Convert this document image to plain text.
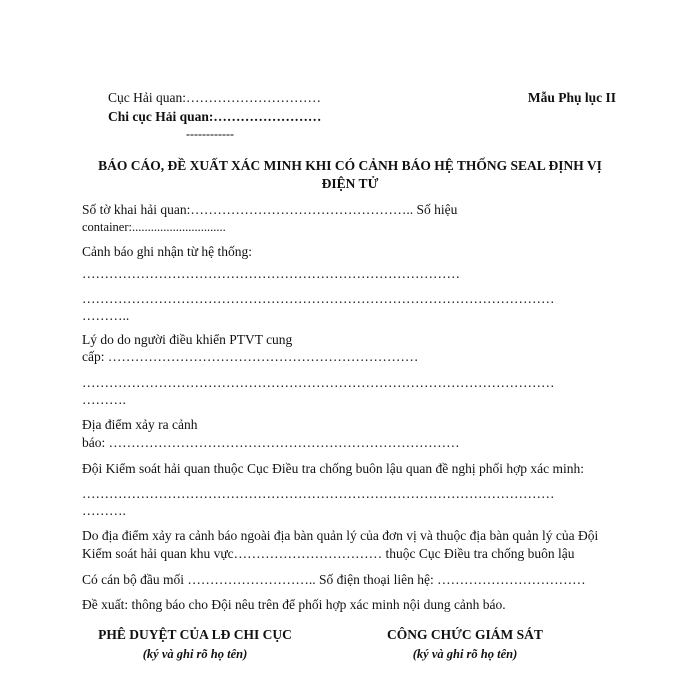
Cục Hải quan:…………………………
Chi cục Hải quan:……………………
------------
Mẫu Phụ lục II
BÁO CÁO, ĐỀ XUẤT XÁC MINH KHI CÓ CẢNH BÁO HỆ THỐNG SEAL ĐỊNH VỊ
ĐIỆN TỬ
Số tờ khai hải quan:………………………………………….. Số hiệu
container:..............................
Cảnh báo ghi nhận từ hệ thống:
…………………………………………………………………………
……………………………………………………………………………………………
………..
Lý do do người điều khiển PTVT cung
cấp: ……………………………………………………………
……………………………………………………………………………………………
……….
Địa điểm xảy ra cảnh
báo: ……………………………………………………………………
Đội Kiểm soát hải quan thuộc Cục Điều tra chống buôn lậu quan đề nghị phối hợp xác minh:
……………………………………………………………………………………………
……….
Do địa điểm xảy ra cảnh báo ngoài địa bàn quản lý của đơn vị và thuộc địa bàn quản lý của Đội
Kiểm soát hải quan khu vực…………………………… thuộc Cục Điều tra chống buôn lậu
Có cán bộ đầu mối ……………………….. Số điện thoại liên hệ: ……………………………
Đề xuất: thông báo cho Đội nêu trên để phối hợp xác minh nội dung cảnh báo.
PHÊ DUYỆT CỦA LĐ CHI CỤC
(ký và ghi rõ họ tên)
CÔNG CHỨC GIÁM SÁT
(ký và ghi rõ họ tên)
